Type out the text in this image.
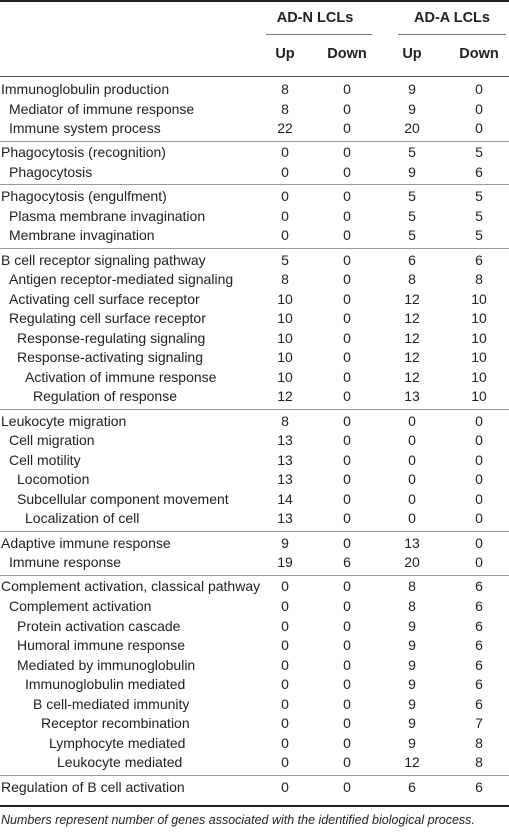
AD-N LCLs	AD-A LCLs
Up	Down	Up	Down
Immunoglobulin production	8	0	9	0
Mediator of immune response	8	0	9	0
Immune system process	22	0	20	0
Phagocytosis (recognition)	0	0	5	5
Phagocytosis	0	0	9	6
Phagocytosis (engulfment)	0	0	5	5
Plasma membrane invagination	0	0	5	5
Membrane invagination	0	0	5	5
B cell receptor signaling pathway	5	0	6	6
Antigen receptor-mediated signaling	8	0	8	8
Activating cell surface receptor	10	0	12	10
Regulating cell surface receptor	10	0	12	10
Response-regulating signaling	10	0	12	10
Response-activating signaling	10	0	12	10
Activation of immune response	10	0	12	10
Regulation of response	12	0	13	10
Leukocyte migration	8	0	0	0
Cell migration	13	0	0	0
Cell motility	13	0	0	0
Locomotion	13	0	0	0
Subcellular component movement	14	0	0	0
Localization of cell	13	0	0	0
Adaptive immune response	9	0	13	0
Immune response	19	6	20	0
Complement activation, classical pathway	0	0	8	6
Complement activation	0	0	8	6
Protein activation cascade	0	0	9	6
Humoral immune response	0	0	9	6
Mediated by immunoglobulin	0	0	9	6
Immunoglobulin mediated	0	0	9	6
B cell-mediated immunity	0	0	9	6
Receptor recombination	0	0	9	7
Lymphocyte mediated	0	0	9	8
Leukocyte mediated	0	0	12	8
Regulation of B cell activation	0	0	6	6
Numbers represent number of genes associated with the identified biological process.
